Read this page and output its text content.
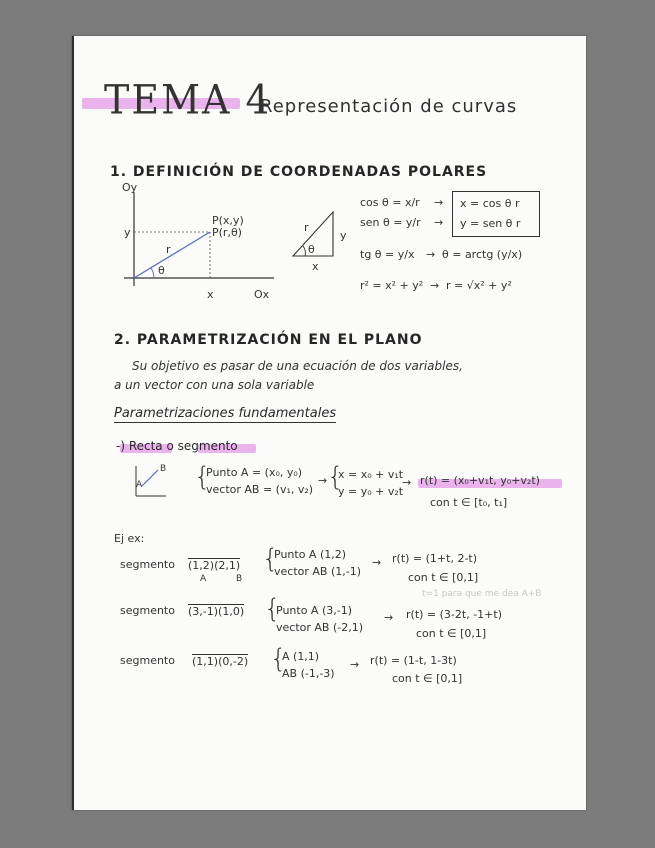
TEMA 4
Representación de curvas
1. DEFINICIÓN DE COORDENADAS POLARES
Oy
Ox
y
x
P(x,y)
P(r,θ)
r
θ
r
y
x
θ
cos θ = x/r → x = cos θ r
sen θ = y/r → y = sen θ r
tg θ = y/x → θ = arctg (y/x)
r² = x² + y² → r = √x² + y²
2. PARAMETRIZACIÓN EN EL PLANO
Su objetivo es pasar de una ecuación de dos variables,
a un vector con una sola variable
Parametrizaciones fundamentales
-) Recta o segmento
A
B {
Punto A = (x₀, y₀)
vector AB = (v₁, v₂)
→ {
x = x₀ + v₁t
y = y₀ + v₂t
→ r(t) = (x₀+v₁t, y₀+v₂t)
con t ∈ [t₀, t₁]
Ej ex:
segmento (1,2)(2,1)
A	B
{
Punto A (1,2)
vector AB (1,-1)
→ r(t) = (1+t, 2-t)
con t ∈ [0,1]
t=1 para que me dea A+B
segmento (3,-1)(1,0) {
Punto A (3,-1)
vector AB (-2,1)
→ r(t) = (3-2t, -1+t)
con t ∈ [0,1]
segmento (1,1)(0,-2) {
A (1,1)
AB (-1,-3)
→ r(t) = (1-t, 1-3t)
con t ∈ [0,1]
